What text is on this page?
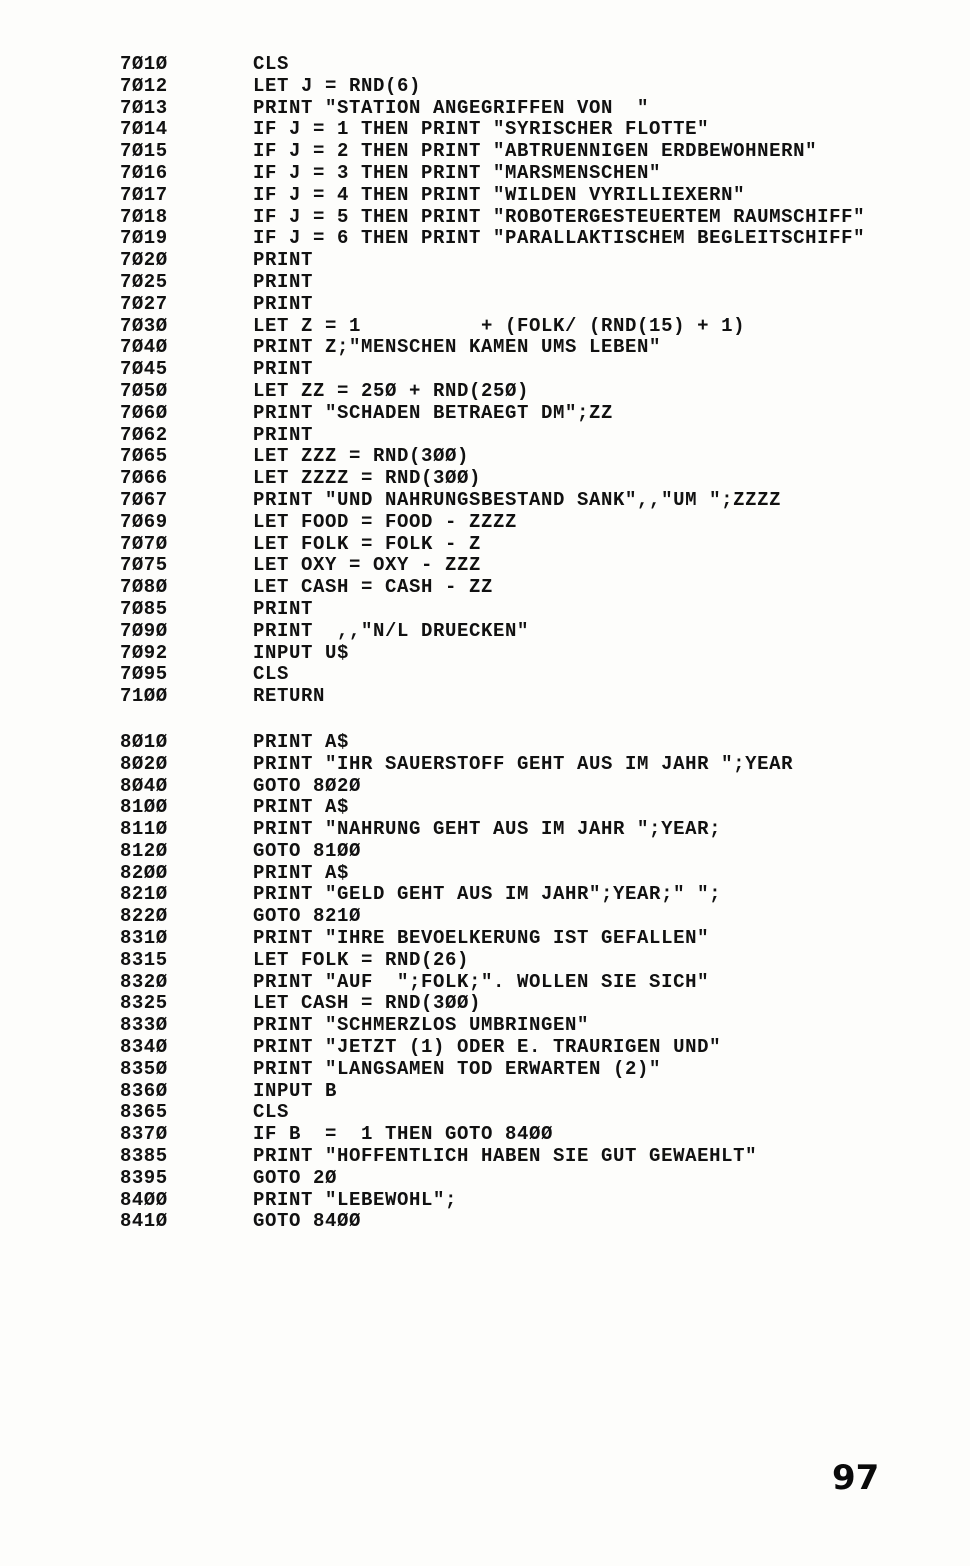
7Ø1Ø	CLS
7Ø12	LET J = RND(6)
7Ø13	PRINT "STATION ANGEGRIFFEN VON  "
7Ø14	IF J = 1 THEN PRINT "SYRISCHER FLOTTE"
7Ø15	IF J = 2 THEN PRINT "ABTRUENNIGEN ERDBEWOHNERN"
7Ø16	IF J = 3 THEN PRINT "MARSMENSCHEN"
7Ø17	IF J = 4 THEN PRINT "WILDEN VYRILLIEXERN"
7Ø18	IF J = 5 THEN PRINT "ROBOTERGESTEUERTEM RAUMSCHIFF"
7Ø19	IF J = 6 THEN PRINT "PARALLAKTISCHEM BEGLEITSCHIFF"
7Ø2Ø	PRINT
7Ø25	PRINT
7Ø27	PRINT
7Ø3Ø	LET Z = 1          + (FOLK/ (RND(15) + 1)
7Ø4Ø	PRINT Z;"MENSCHEN KAMEN UMS LEBEN"
7Ø45	PRINT
7Ø5Ø	LET ZZ = 25Ø + RND(25Ø)
7Ø6Ø	PRINT "SCHADEN BETRAEGT DM";ZZ
7Ø62	PRINT
7Ø65	LET ZZZ = RND(3ØØ)
7Ø66	LET ZZZZ = RND(3ØØ)
7Ø67	PRINT "UND NAHRUNGSBESTAND SANK",,"UM ";ZZZZ
7Ø69	LET FOOD = FOOD - ZZZZ
7Ø7Ø	LET FOLK = FOLK - Z
7Ø75	LET OXY = OXY - ZZZ
7Ø8Ø	LET CASH = CASH - ZZ
7Ø85	PRINT
7Ø9Ø	PRINT  ,,"N/L DRUECKEN"
7Ø92	INPUT U$
7Ø95	CLS
71ØØ	RETURN
8Ø1Ø	PRINT A$
8Ø2Ø	PRINT "IHR SAUERSTOFF GEHT AUS IM JAHR ";YEAR
8Ø4Ø	GOTO 8Ø2Ø
81ØØ	PRINT A$
811Ø	PRINT "NAHRUNG GEHT AUS IM JAHR ";YEAR;
812Ø	GOTO 81ØØ
82ØØ	PRINT A$
821Ø	PRINT "GELD GEHT AUS IM JAHR";YEAR;" ";
822Ø	GOTO 821Ø
831Ø	PRINT "IHRE BEVOELKERUNG IST GEFALLEN"
8315	LET FOLK = RND(26)
832Ø	PRINT "AUF  ";FOLK;". WOLLEN SIE SICH"
8325	LET CASH = RND(3ØØ)
833Ø	PRINT "SCHMERZLOS UMBRINGEN"
834Ø	PRINT "JETZT (1) ODER E. TRAURIGEN UND"
835Ø	PRINT "LANGSAMEN TOD ERWARTEN (2)"
836Ø	INPUT B
8365	CLS
837Ø	IF B  =  1 THEN GOTO 84ØØ
8385	PRINT "HOFFENTLICH HABEN SIE GUT GEWAEHLT"
8395	GOTO 2Ø
84ØØ	PRINT "LEBEWOHL";
841Ø	GOTO 84ØØ
97
